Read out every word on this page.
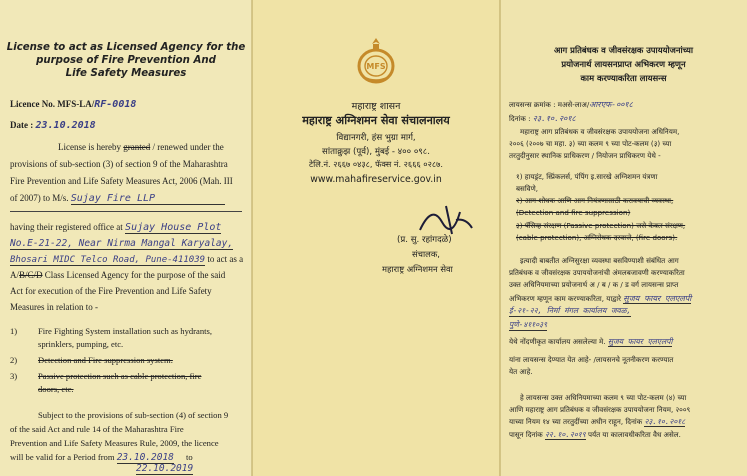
License to act as Licensed Agency for the
purpose of Fire Prevention And
Life Safety Measures
Licence No. MFS-LA/RF-0018
Date : 23.10.2018
License is hereby granted / renewed under the
provisions of sub-section (3) of section 9 of the Maharashtra
Fire Prevention and Life Safety Measures Act, 2006 (Mah. III
of 2007) to M/s. Sujay Fire LLP
having their registered office at Sujay House Plot
No.E-21-22, Near Nirma Mangal Karyalay,
Bhosari MIDC Telco Road, Pune-411039 to act as a
A/B/C/D Class Licensed Agency for the purpose of the said
Act for execution of the Fire Prevention and Life Safety
Measures in relation to -
1) Fire Fighting System installation such as hydrants,
sprinklers, pumping, etc.
2) Detection and Fire suppression system.
3) Passive protection such as cable protection, fire
doors, etc.
Subject to the provisions of sub-section (4) of section 9
of the said Act and rule 14 of the Maharashtra Fire
Prevention and Life Safety Measures Rule, 2009, the licence
will be valid for a Period from 23.10.2018 to
22.10.2019
MFS
महाराष्ट्र शासन
महाराष्ट्र अग्निशमन सेवा संचालनालय
विद्यानगरी, हंस भुग्रा मार्ग,
सांताक्रुझ (पूर्व), मुंबई - ४०० ०९८.
टेलि.नं. २६६७ ०४३८, फॅक्स नं. २६६६ ०२८७.
www.mahafireservice.gov.in
(प्र. सु. रहांगदळे)
संचालक,
महाराष्ट्र अग्निशमन सेवा
आग प्रतिबंधक व जीवसंरक्षक उपाययोजनांच्या
प्रयोजनार्थ लायसनप्राप्त अभिकरण म्हणून
काम करण्याकरिता लायसन्स
लायसन्स क्रमांक : मअसे-लाअ/आरएफ-००१८
दिनांक : २३.१०.२०१८
महाराष्ट्र आग प्रतिबंधक व जीवसंरक्षक उपाययोजना अधिनियम,
२००६ (२००७ चा महा. ३) च्या कलम ९ च्या पोट-कलम (३) च्या
तरतुदीनुसार स्थानिक प्राधिकरण / नियोजन प्राधिकरण येथे -
१) हायड्रंट, स्प्रिंकलर्स, पंपिंग इ.सारखे अग्निशमन यंत्रणा
बसविणे,
२) आग-शोधक आणि आग नियंत्रणासाठी करावयाची व्यवस्था,
(Detection and fire suppression)
३) पॅसिव्ह संरक्षण (Passive protection) जसे केबल संरक्षण,
(cable protection), अग्निरोधक दरवाजे, (fire doors).
इत्यादी बाबतीत अग्निसुरक्षा व्यवस्था बसविण्याशी संबंधित आग
प्रतिबंधक व जीवसंरक्षक उपाययोजनांची अंमलबजावणी करण्याकरिता
उक्त अधिनियमाच्या प्रयोजनार्थ अ / ब / क / ड वर्ग लायसन्स प्राप्त
अभिकरण म्हणून काम करण्याकरिता, याद्वारे सुजय फायर एलएलपी
ई-२१-२२, निर्मा मंगल कार्यालय जवळ,
पुणे-४११०३९
येथे नोंदणीकृत कार्यालय असलेल्या मे. सुजय फायर एलएलपी
यांना लायसन्स देण्यात येत आहे- /लायसनचे नूतनीकरण करण्यात
येत आहे.
हे लायसन्स उक्त अधिनियमाच्या कलम ९ च्या पोट-कलम (४) च्या
आणि महाराष्ट्र आग प्रतिबंधक व जीवसंरक्षक उपाययोजना नियम, २००९
याच्या नियम १४ च्या तरतुदींच्या अधीन राहून, दिनांक २३.१०.२०१८
पासून दिनांक २२.१०.२०१९ पर्यंत या कालावधीकरिता वैध असेल.
